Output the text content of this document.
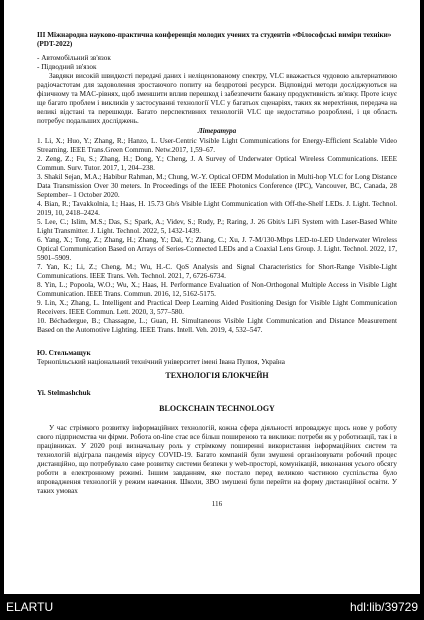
III Міжнародна науково-практична конференція молодих учених та студентів «Філософські виміри техніки» (PDT-2022)

- Автомобільний зв'язок

- Підводний зв'язок

Завдяки високій швидкості передачі даних і неліцензованому спектру, VLC вважається чудовою альтернативою радіочастотам для задоволення зростаючого попиту на бездротові ресурси. Відповідні методи досліджуються на фізичному та MAC-рівнях, щоб зменшити вплив перешкод і забезпечити бажану продуктивність зв'язку. Проте існує ще багато проблем і викликів у застосуванні технології VLC у багатьох сценаріях, таких як мерехтіння, передача на великі відстані та перешкоди. Багато перспективних технологій VLC ще недостатньо розроблені, і ця область потребує подальших досліджень.

Література

1. Li, X.; Huo, Y.; Zhang, R.; Hanzo, L. User-Centric Visible Light Communications for Energy-Efficient Scalable Video Streaming. IEEE Trans.Green Commun. Netw.2017, 1,59–67.

2. Zeng, Z.; Fu, S.; Zhang, H.; Dong, Y.; Cheng, J. A Survey of Underwater Optical Wireless Communications. IEEE Commun. Surv. Tutor. 2017, 1, 204–238.

3. Shakil Sejan, M.A.; Habibur Rahman, M.; Chung, W.-Y. Optical OFDM Modulation in Multi-hop VLC for Long Distance Data Transmission Over 30 meters. In Proceedings of the IEEE Photonics Conference (IPC), Vancouver, BC, Canada, 28 September– 1 October 2020.

4. Bian, R.; Tavakkolnia, I.; Haas, H. 15.73 Gb/s Visible Light Communication with Off-the-Shelf LEDs. J. Light. Technol. 2019, 10, 2418–2424.

5. Lee, C.; Islim, M.S.; Das, S.; Spark, A.; Videv, S.; Rudy, P.; Raring, J. 26 Gbit/s LiFi System with Laser-Based White Light Transmitter. J. Light. Technol. 2022, 5, 1432-1439.

6. Yang, X.; Tong, Z.; Zhang, H.; Zhang, Y.; Dai, Y.; Zhang, C.; Xu, J. 7-M/130-Mbps LED-to-LED Underwater Wireless Optical Communication Based on Arrays of Series-Connected LEDs and a Coaxial Lens Group. J. Light. Technol. 2022, 17, 5901–5909.

7. Yan, K.; Li, Z.; Cheng, M.; Wu, H.-C. QoS Analysis and Signal Characteristics for Short-Range Visible-Light Communications. IEEE Trans. Veh. Technol. 2021, 7, 6726-6734.

8. Yin, L.; Popoola, W.O.; Wu, X.; Haas, H. Performance Evaluation of Non-Orthogonal Multiple Access in Visible Light Communication. IEEE Trans. Commun. 2016, 12, 5162-5175.

9. Lin, X.; Zhang, L. Intelligent and Practical Deep Learning Aided Positioning Design for Visible Light Communication Receivers. IEEE Commun. Lett. 2020, 3, 577–580.

10. Béchadergue, B.; Chassagne, L.; Guan, H. Simultaneous Visible Light Communication and Distance Measurement Based on the Automotive Lighting. IEEE Trans. Intell. Veh. 2019, 4, 532–547.

Ю. Стельмащук
Тернопільський національний технічний університет імені Івана Пулюя, Україна
ТЕХНОЛОГІЯ БЛОКЧЕЙН
Yi. Stelmashchuk
BLOCKCHAIN TECHNOLOGY

У час стрімкого розвитку інформаційних технологій, кожна сфера діяльності впроваджує щось нове у роботу свого підприємства чи фірми. Робота on-line стає все більш поширеною та виклики: потреби як у роботизації, так і в працівниках. У 2020 році визначальну роль у стрімкому поширенні використання інформаційних систем та технологій відіграла пандемія вірусу COVID-19. Багато компаній були змушені організовувати робочий процес дистанційно, що потребувало саме розвитку системи безпеки у web-просторі, комунікацій, виконання усього обсягу роботи в електронному режимі. Іншим завданням, яке постало перед великою частиною суспільства було впровадження технологій у режим навчання. Школи, ЗВО змушені були перейти на форму дистанційної освіти. У таких умовах

116
ELARTU	hdl:lib/39729
